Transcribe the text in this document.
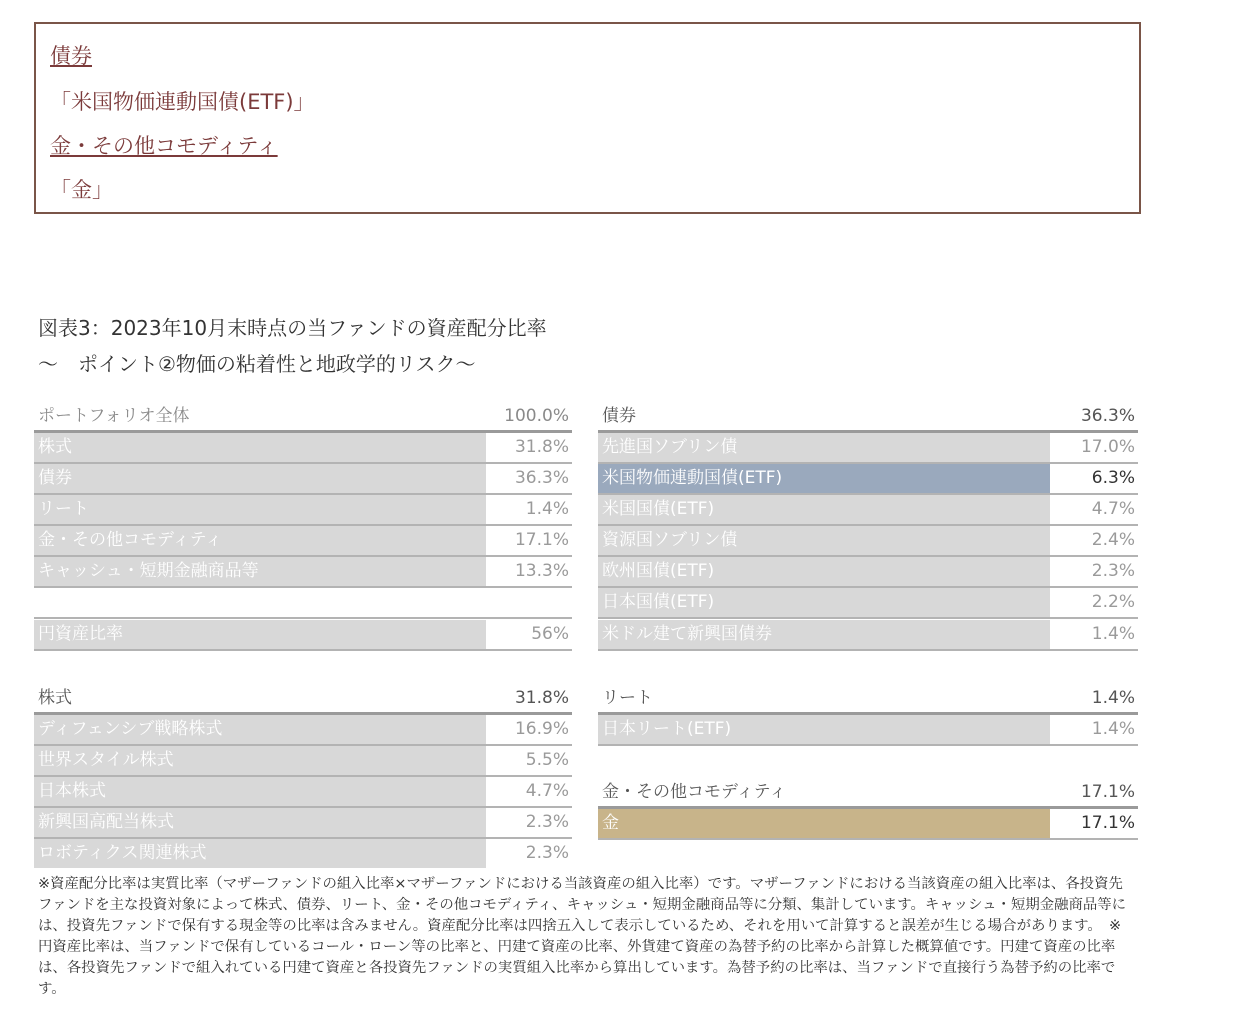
債券
「米国物価連動国債(ETF)」
金・その他コモディティ
「金」
図表3：2023年10月末時点の当ファンドの資産配分比率
～　ポイント②物価の粘着性と地政学的リスク～
ポートフォリオ全体	100.0%
株式	31.8%
債券	36.3%
リート	1.4%
金・その他コモディティ	17.1%
キャッシュ・短期金融商品等	13.3%
円資産比率	56%
株式	31.8%
ディフェンシブ戦略株式	16.9%
世界スタイル株式	5.5%
日本株式	4.7%
新興国高配当株式	2.3%
ロボティクス関連株式	2.3%
債券	36.3%
先進国ソブリン債	17.0%
米国物価連動国債(ETF)	6.3%
米国国債(ETF)	4.7%
資源国ソブリン債	2.4%
欧州国債(ETF)	2.3%
日本国債(ETF)	2.2%
米ドル建て新興国債券	1.4%
リート	1.4%
日本リート(ETF)	1.4%
金・その他コモディティ	17.1%
金	17.1%
※資産配分比率は実質比率（マザーファンドの組入比率×マザーファンドにおける当該資産の組入比率）です。マザーファンドにおける当該資産の組入比率は、各投資先ファンドを主な投資対象によって株式、債券、リート、金・その他コモディティ、キャッシュ・短期金融商品等に分類、集計しています。キャッシュ・短期金融商品等には、投資先ファンドで保有する現金等の比率は含みません。資産配分比率は四捨五入して表示しているため、それを用いて計算すると誤差が生じる場合があります。　※円資産比率は、当ファンドで保有しているコール・ローン等の比率と、円建て資産の比率、外貨建て資産の為替予約の比率から計算した概算値です。円建て資産の比率は、各投資先ファンドで組入れている円建て資産と各投資先ファンドの実質組入比率から算出しています。為替予約の比率は、当ファンドで直接行う為替予約の比率です。
